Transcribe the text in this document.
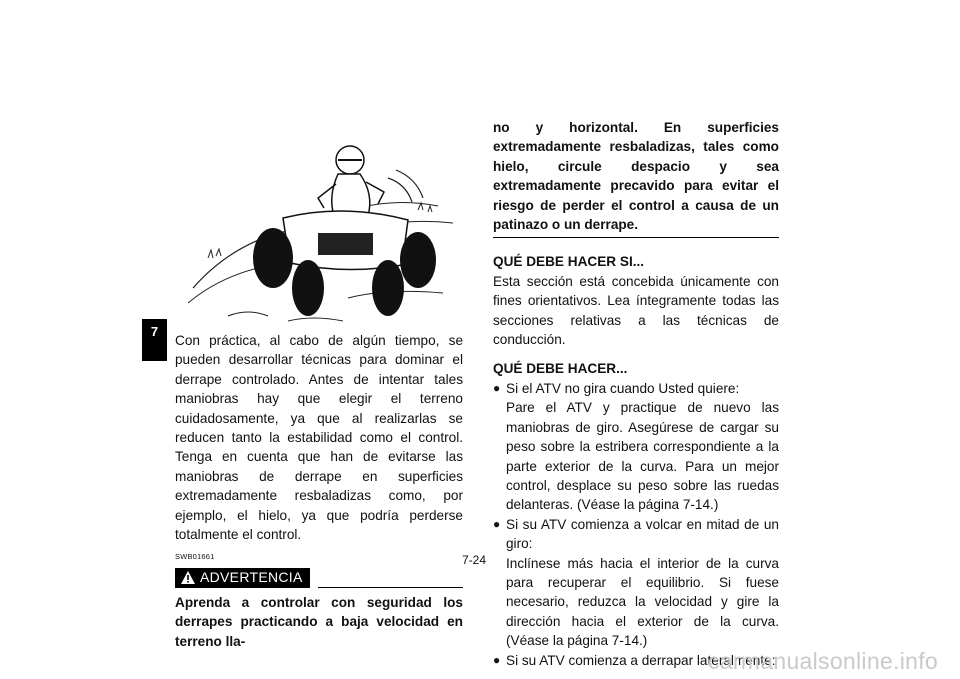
7

Con práctica, al cabo de algún tiempo, se pueden desarrollar técnicas para dominar el derrape controlado. Antes de intentar tales maniobras hay que elegir el terreno cuidadosamente, ya que al realizarlas se reducen tanto la estabilidad como el control. Tenga en cuenta que han de evitarse las maniobras de derrape en superficies extremadamente resbaladizas como, por ejemplo, el hielo, ya que podría perderse totalmente el control.

SWB01661
ADVERTENCIA
Aprenda a controlar con seguridad los derrapes practicando a baja velocidad en terreno lla-
no y horizontal. En superficies extremadamente resbaladizas, tales como hielo, circule despacio y sea extremadamente precavido para evitar el riesgo de perder el control a causa de un patinazo o un derrape.
QUÉ DEBE HACER SI...

Esta sección está concebida únicamente con fines orientativos. Lea íntegramente todas las secciones relativas a las técnicas de conducción.

QUÉ DEBE HACER...
● Si el ATV no gira cuando Usted quiere:
Pare el ATV y practique de nuevo las maniobras de giro. Asegúrese de cargar su peso sobre la estribera correspondiente a la parte exterior de la curva. Para un mejor control, desplace su peso sobre las ruedas delanteras. (Véase la página 7-14.)
● Si su ATV comienza a volcar en mitad de un giro:
Inclínese más hacia el interior de la curva para recuperar el equilibrio. Si fuese necesario, reduzca la velocidad y gire la dirección hacia el exterior de la curva. (Véase la página 7-14.)
● Si su ATV comienza a derrapar lateralmente:
7-24
carmanualsonline.info
